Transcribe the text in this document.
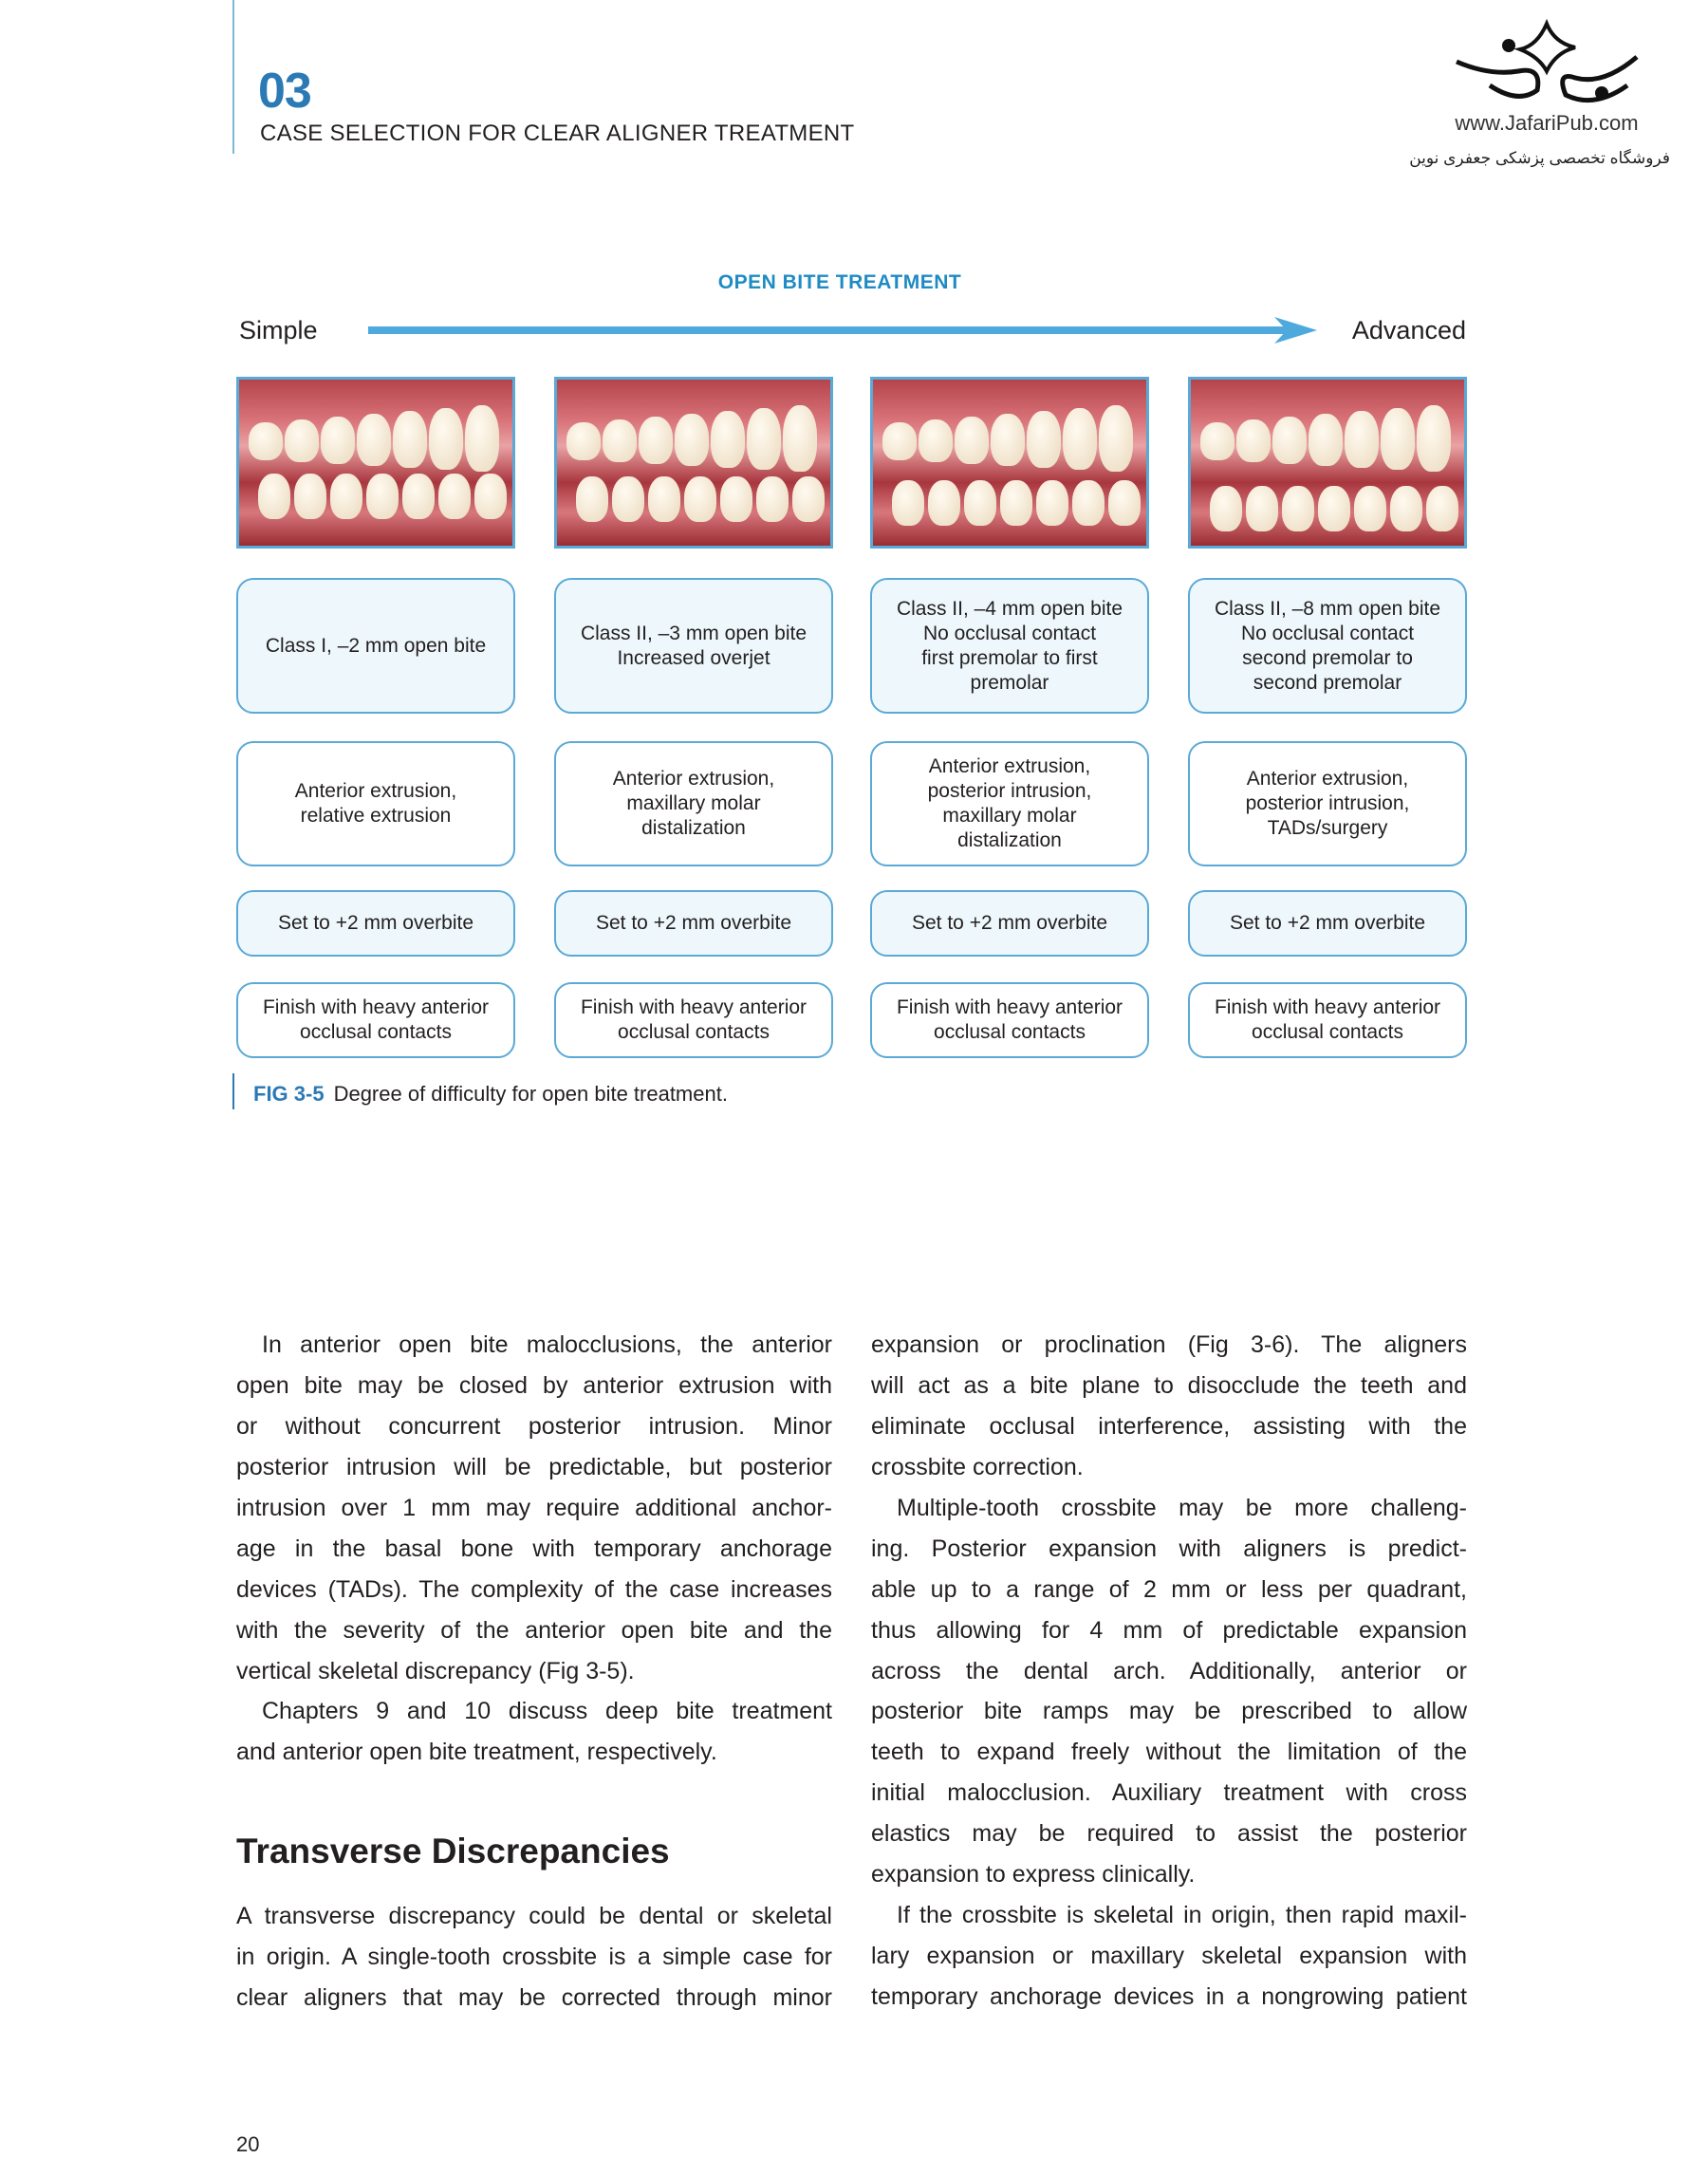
03
CASE SELECTION FOR CLEAR ALIGNER TREATMENT	www.JafariPub.com
فروشگاه تخصصی پزشکی جعفری نوین
OPEN BITE TREATMENT
Simple	Advanced
Class I, –2 mm open bite
Anterior extrusion,
relative extrusion
Set to +2 mm overbite
Finish with heavy anterior
occlusal contacts
Class II, –3 mm open bite
Increased overjet
Anterior extrusion,
maxillary molar
distalization
Set to +2 mm overbite
Finish with heavy anterior
occlusal contacts
Class II, –4 mm open bite
No occlusal contact
first premolar to first
premolar
Anterior extrusion,
posterior intrusion,
maxillary molar
distalization
Set to +2 mm overbite
Finish with heavy anterior
occlusal contacts
Class II, –8 mm open bite
No occlusal contact
second premolar to
second premolar
Anterior extrusion,
posterior intrusion,
TADs/surgery
Set to +2 mm overbite
Finish with heavy anterior
occlusal contacts
FIG 3-5 Degree of difficulty for open bite treatment.
In anterior open bite malocclusions, the anterior
open bite may be closed by anterior extrusion with
or without concurrent posterior intrusion. Minor
posterior intrusion will be predictable, but posterior
intrusion over 1 mm may require additional anchor-
age in the basal bone with temporary anchorage
devices (TADs). The complexity of the case increases
with the severity of the anterior open bite and the
vertical skeletal discrepancy (Fig 3-5).
Chapters 9 and 10 discuss deep bite treatment
and anterior open bite treatment, respectively.
Transverse Discrepancies
A transverse discrepancy could be dental or skeletal
in origin. A single-tooth crossbite is a simple case for
clear aligners that may be corrected through minor
expansion or proclination (Fig 3-6). The aligners
will act as a bite plane to disocclude the teeth and
eliminate occlusal interference, assisting with the
crossbite correction.
Multiple-tooth crossbite may be more challeng-
ing. Posterior expansion with aligners is predict-
able up to a range of 2 mm or less per quadrant,
thus allowing for 4 mm of predictable expansion
across the dental arch. Additionally, anterior or
posterior bite ramps may be prescribed to allow
teeth to expand freely without the limitation of the
initial malocclusion. Auxiliary treatment with cross
elastics may be required to assist the posterior
expansion to express clinically.
If the crossbite is skeletal in origin, then rapid maxil-
lary expansion or maxillary skeletal expansion with
temporary anchorage devices in a nongrowing patient
20
